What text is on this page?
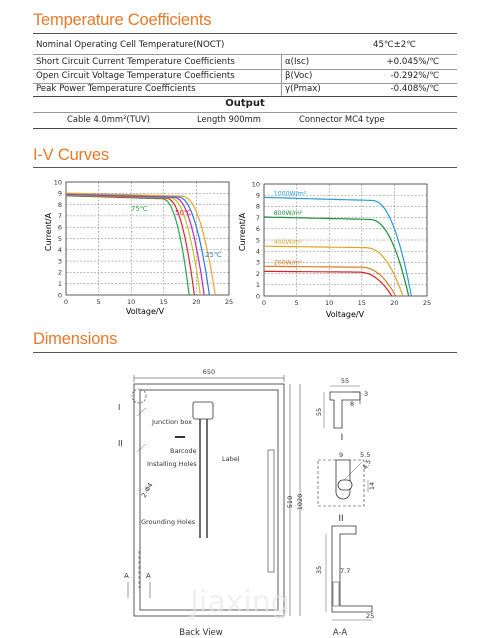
Temperature Coefficients
Nominal Operating Cell Temperature(NOCT)	45℃±2℃
Short Circuit Current Temperature Coefficients	α(Isc)	+0.045%/℃
Open Circuit Voltage Temperature Coefficients	β(Voc)	-0.292%/℃
Peak Power Temperature Coefficients	γ(Pmax)	-0.408%/℃
Output
Cable 4.0mm²(TUV)	Length 900mm	Connector MC4 type
I-V Curves
Current/A
Voltage/V
0	5	10	15	20	25
0
1
2
3
4
5
6
7
8
9
10
75℃	50℃
25℃
Current/A
Voltage/V
0	5	10	15	20	25
0
1
2
3
4
5
6
7
8
9
10
1000W/m²
800W/m²
400W/m²
200W/m²
Dimensions
650
510 1020
Junction box
Barcode
Label
Installing Holes
2-Φ4
Grounding Holes
I
II
A A
Back View
55
3
55
8
I
9	5.5
4.5
14
II
35	7.7
25
A-A
Jiaxing
